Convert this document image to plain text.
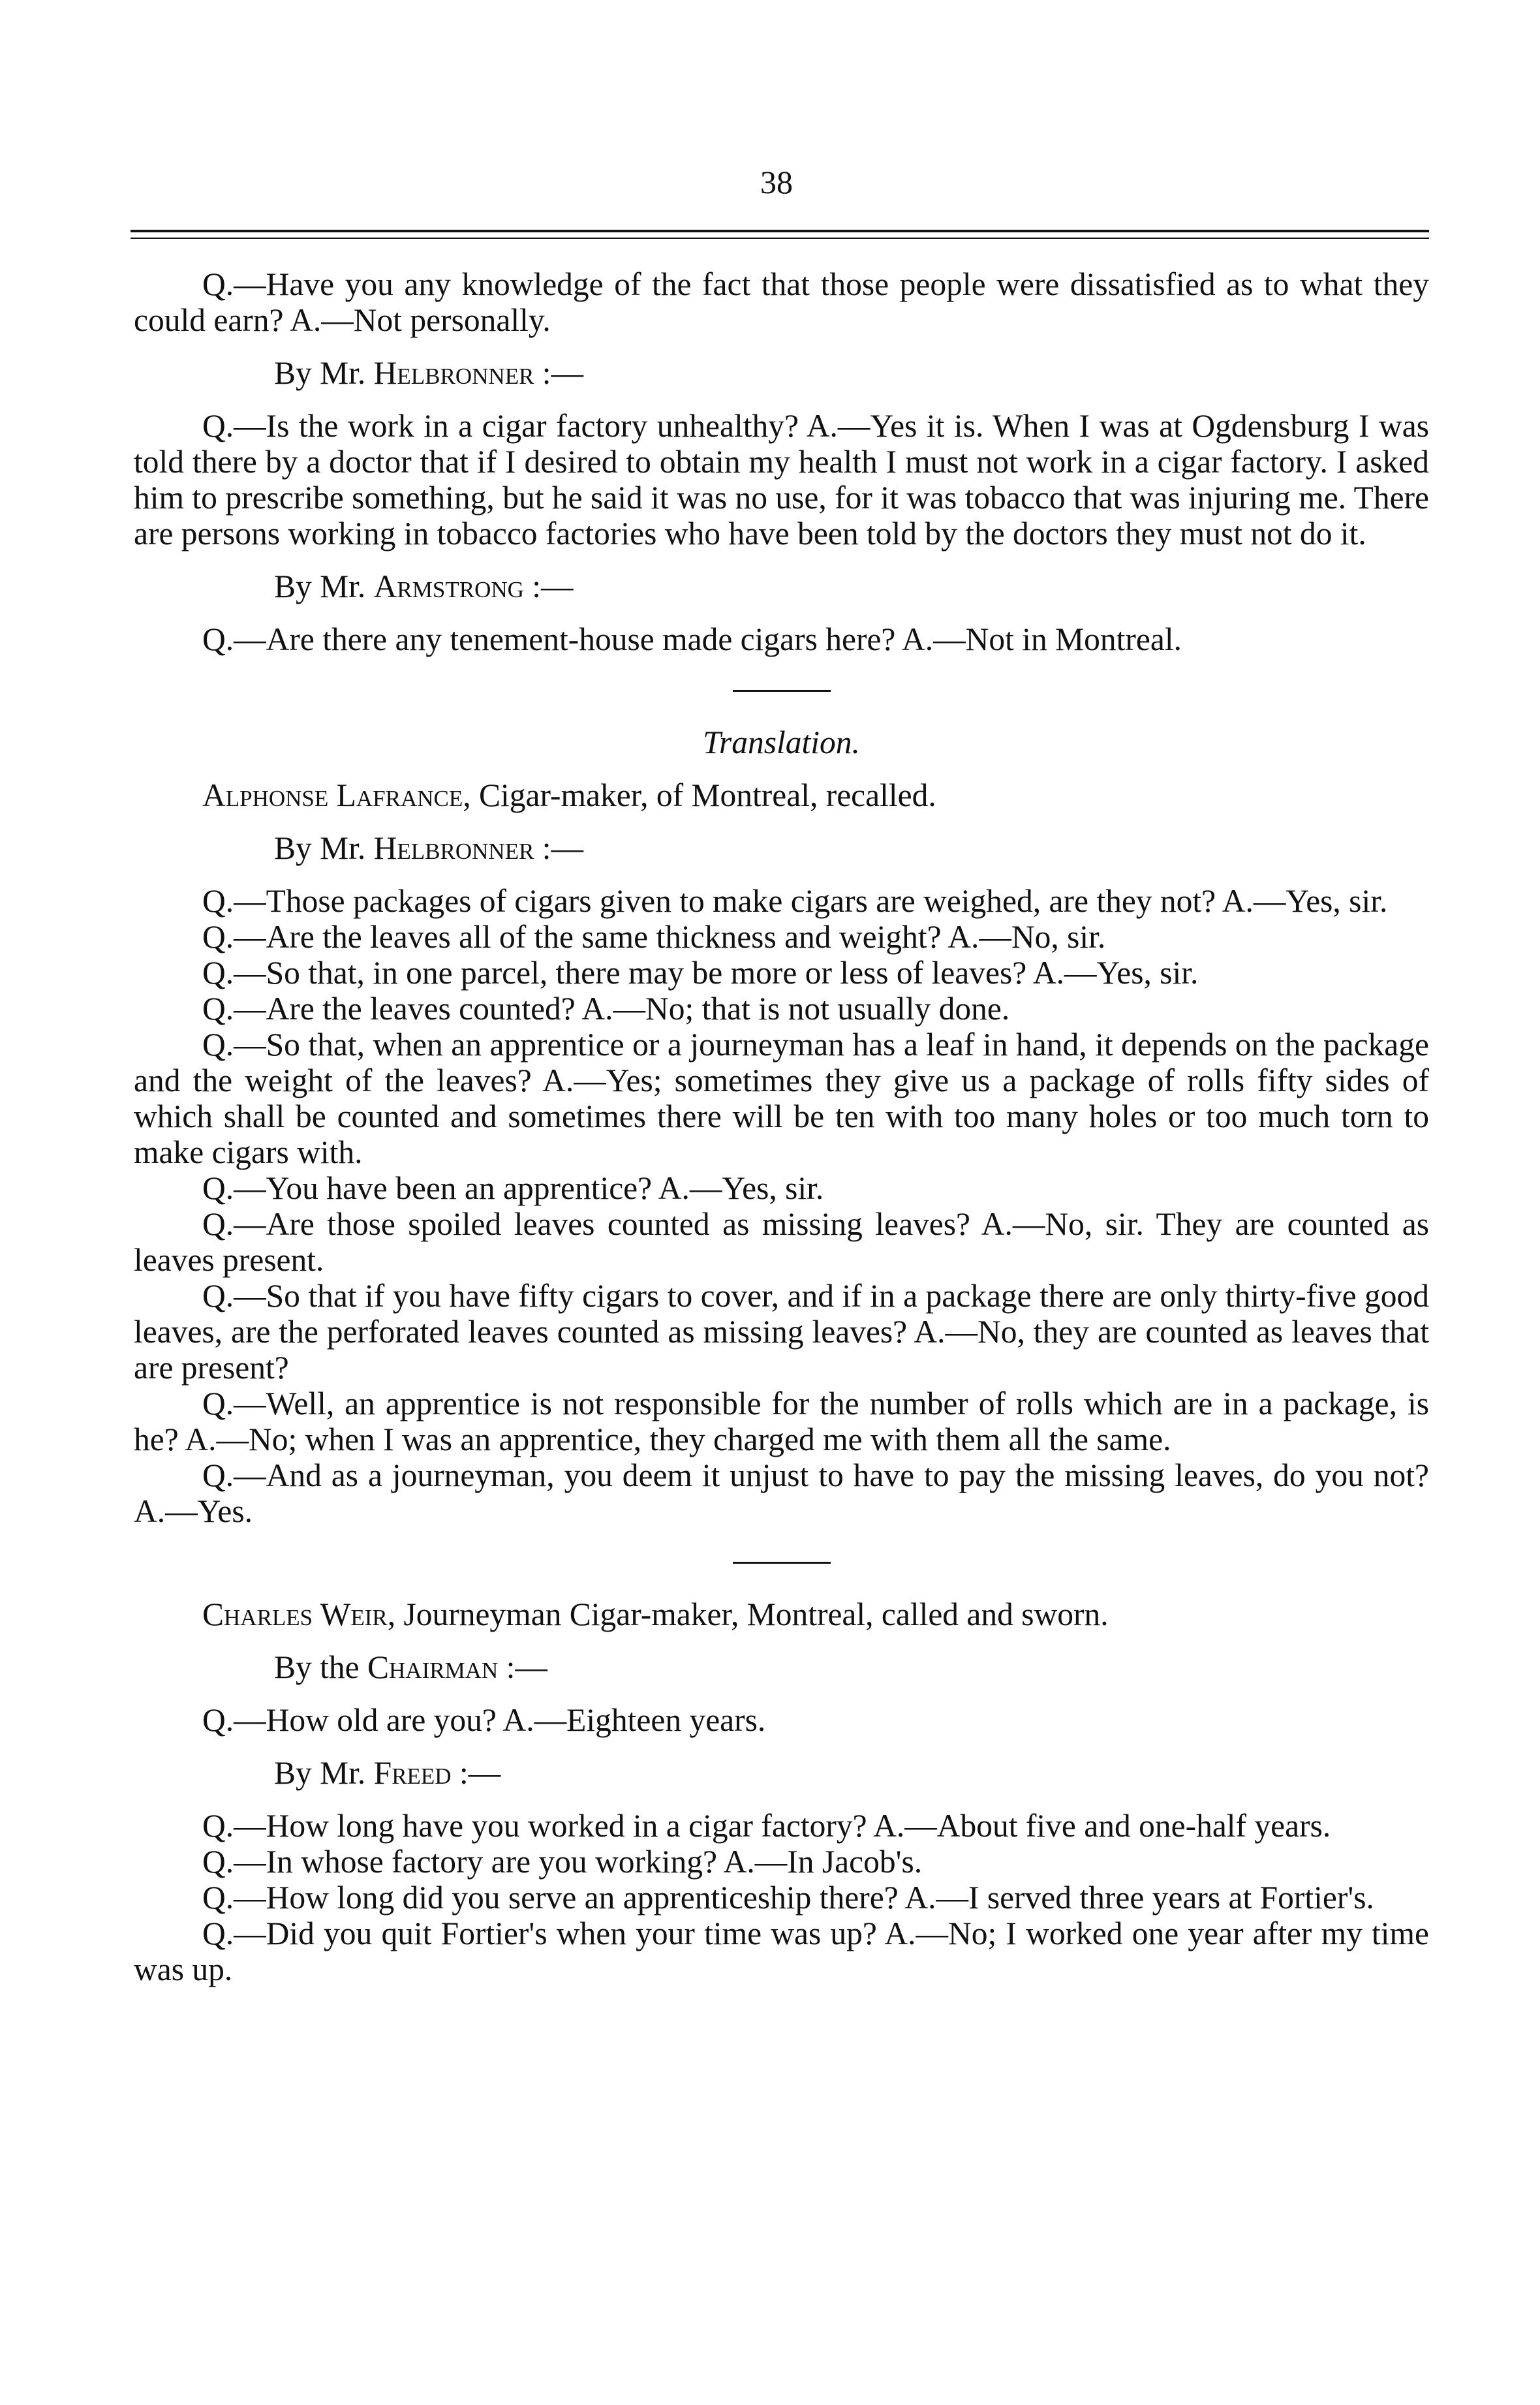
38

Q.—Have you any knowledge of the fact that those people were dissatisfied as to what they could earn? A.—Not personally.

By Mr. Helbronner :—

Q.—Is the work in a cigar factory unhealthy? A.—Yes it is. When I was at Ogdensburg I was told there by a doctor that if I desired to obtain my health I must not work in a cigar factory. I asked him to prescribe something, but he said it was no use, for it was tobacco that was injuring me. There are persons working in tobacco factories who have been told by the doctors they must not do it.

By Mr. Armstrong :—

Q.—Are there any tenement-house made cigars here? A.—Not in Montreal.

Translation.

Alphonse Lafrance, Cigar-maker, of Montreal, recalled.

By Mr. Helbronner :—

Q.—Those packages of cigars given to make cigars are weighed, are they not? A.—Yes, sir.

Q.—Are the leaves all of the same thickness and weight? A.—No, sir.

Q.—So that, in one parcel, there may be more or less of leaves? A.—Yes, sir.

Q.—Are the leaves counted? A.—No; that is not usually done.

Q.—So that, when an apprentice or a journeyman has a leaf in hand, it depends on the package and the weight of the leaves? A.—Yes; sometimes they give us a package of rolls fifty sides of which shall be counted and sometimes there will be ten with too many holes or too much torn to make cigars with.

Q.—You have been an apprentice? A.—Yes, sir.

Q.—Are those spoiled leaves counted as missing leaves? A.—No, sir. They are counted as leaves present.

Q.—So that if you have fifty cigars to cover, and if in a package there are only thirty-five good leaves, are the perforated leaves counted as missing leaves? A.—No, they are counted as leaves that are present?

Q.—Well, an apprentice is not responsible for the number of rolls which are in a package, is he? A.—No; when I was an apprentice, they charged me with them all the same.

Q.—And as a journeyman, you deem it unjust to have to pay the missing leaves, do you not? A.—Yes.

Charles Weir, Journeyman Cigar-maker, Montreal, called and sworn.

By the Chairman :—

Q.—How old are you? A.—Eighteen years.

By Mr. Freed :—

Q.—How long have you worked in a cigar factory? A.—About five and one-half years.

Q.—In whose factory are you working? A.—In Jacob's.

Q.—How long did you serve an apprenticeship there? A.—I served three years at Fortier's.

Q.—Did you quit Fortier's when your time was up? A.—No; I worked one year after my time was up.
